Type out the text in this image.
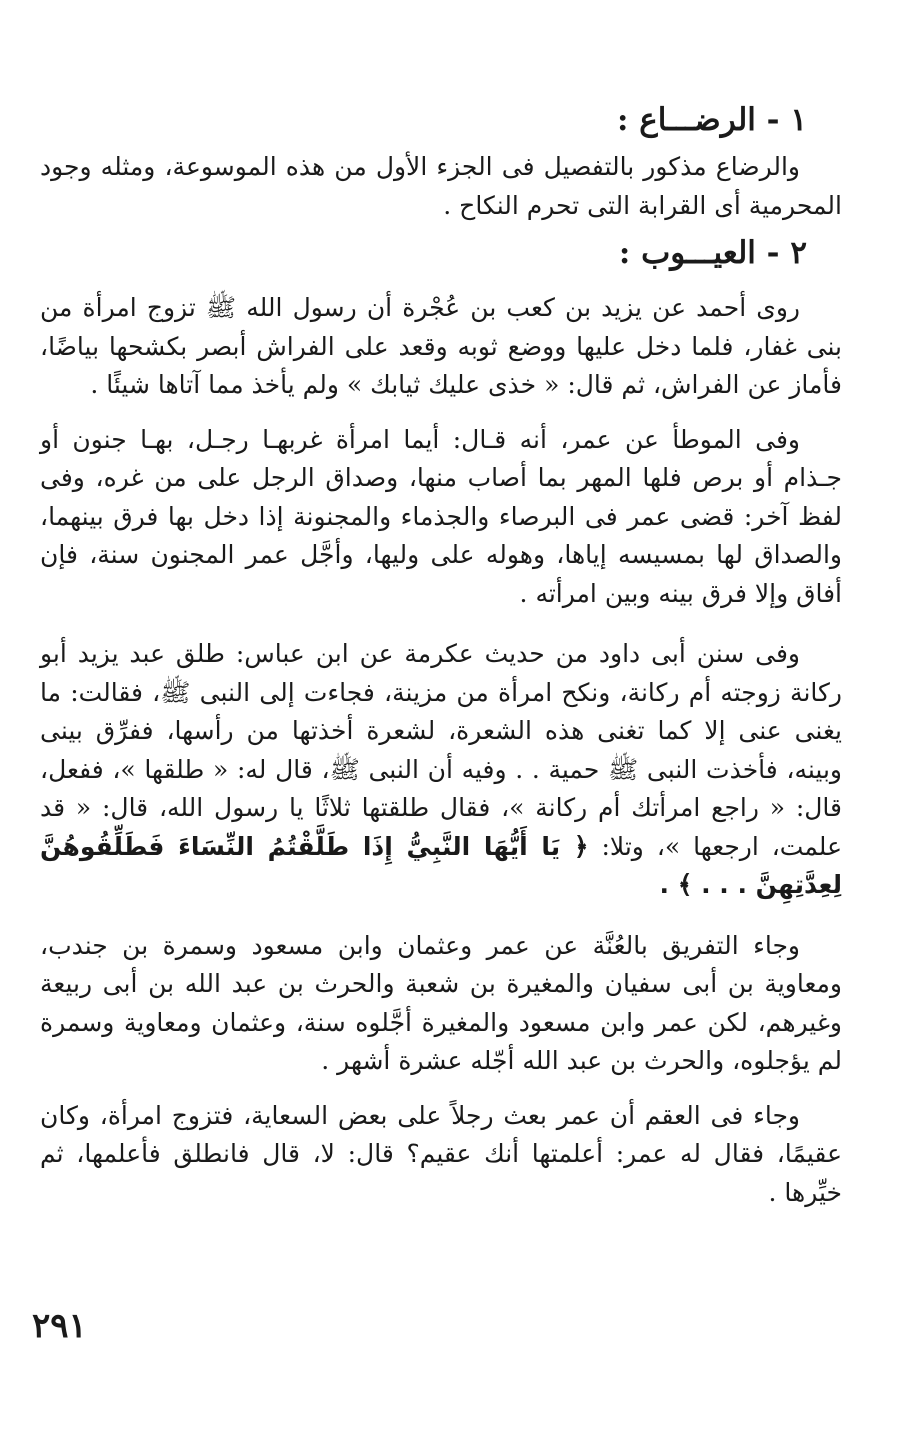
١ - الرضـــاع :

والرضاع مذكور بالتفصيل فى الجزء الأول من هذه الموسوعة، ومثله وجود المحرمية أى القرابة التى تحرم النكاح .

٢ - العيـــوب :

روى أحمد عن يزيد بن كعب بن عُجْرة أن رسول الله ﷺ تزوج امرأة من بنى غفار، فلما دخل عليها ووضع ثوبه وقعد على الفراش أبصر بكشحها بياضًا، فأماز عن الفراش، ثم قال: « خذى عليك ثيابك » ولم يأخذ مما آتاها شيئًا .

وفى الموطأ عن عمر، أنه قـال: أيما امرأة غربهـا رجـل، بهـا جنون أو جـذام أو برص فلها المهر بما أصاب منها، وصداق الرجل على من غره، وفى لفظ آخر: قضى عمر فى البرصاء والجذماء والمجنونة إذا دخل بها فرق بينهما، والصداق لها بمسيسه إياها، وهوله على وليها، وأجَّل عمر المجنون سنة، فإن أفاق وإلا فرق بينه وبين امرأته .

وفى سنن أبى داود من حديث عكرمة عن ابن عباس: طلق عبد يزيد أبو ركانة زوجته أم ركانة، ونكح امرأة من مزينة، فجاءت إلى النبى ﷺ، فقالت: ما يغنى عنى إلا كما تغنى هذه الشعرة، لشعرة أخذتها من رأسها، ففرِّق بينى وبينه، فأخذت النبى ﷺ حمية . . وفيه أن النبى ﷺ، قال له: « طلقها »، ففعل، قال: « راجع امرأتك أم ركانة »، فقال طلقتها ثلاثًا يا رسول الله، قال: « قد علمت، ارجعها »، وتلا: ﴿ يَا أَيُّهَا النَّبِيُّ إِذَا طَلَّقْتُمُ النِّسَاءَ فَطَلِّقُوهُنَّ لِعِدَّتِهِنَّ . . . ﴾ .

وجاء التفريق بالعُنَّة عن عمر وعثمان وابن مسعود وسمرة بن جندب، ومعاوية بن أبى سفيان والمغيرة بن شعبة والحرث بن عبد الله بن أبى ربيعة وغيرهم، لكن عمر وابن مسعود والمغيرة أجَّلوه سنة، وعثمان ومعاوية وسمرة لم يؤجلوه، والحرث بن عبد الله أجّله عشرة أشهر .

وجاء فى العقم أن عمر بعث رجلاً على بعض السعاية، فتزوج امرأة، وكان عقيمًا، فقال له عمر: أعلمتها أنك عقيم؟ قال: لا، قال فانطلق فأعلمها، ثم خيِّرها .

٢٩١
